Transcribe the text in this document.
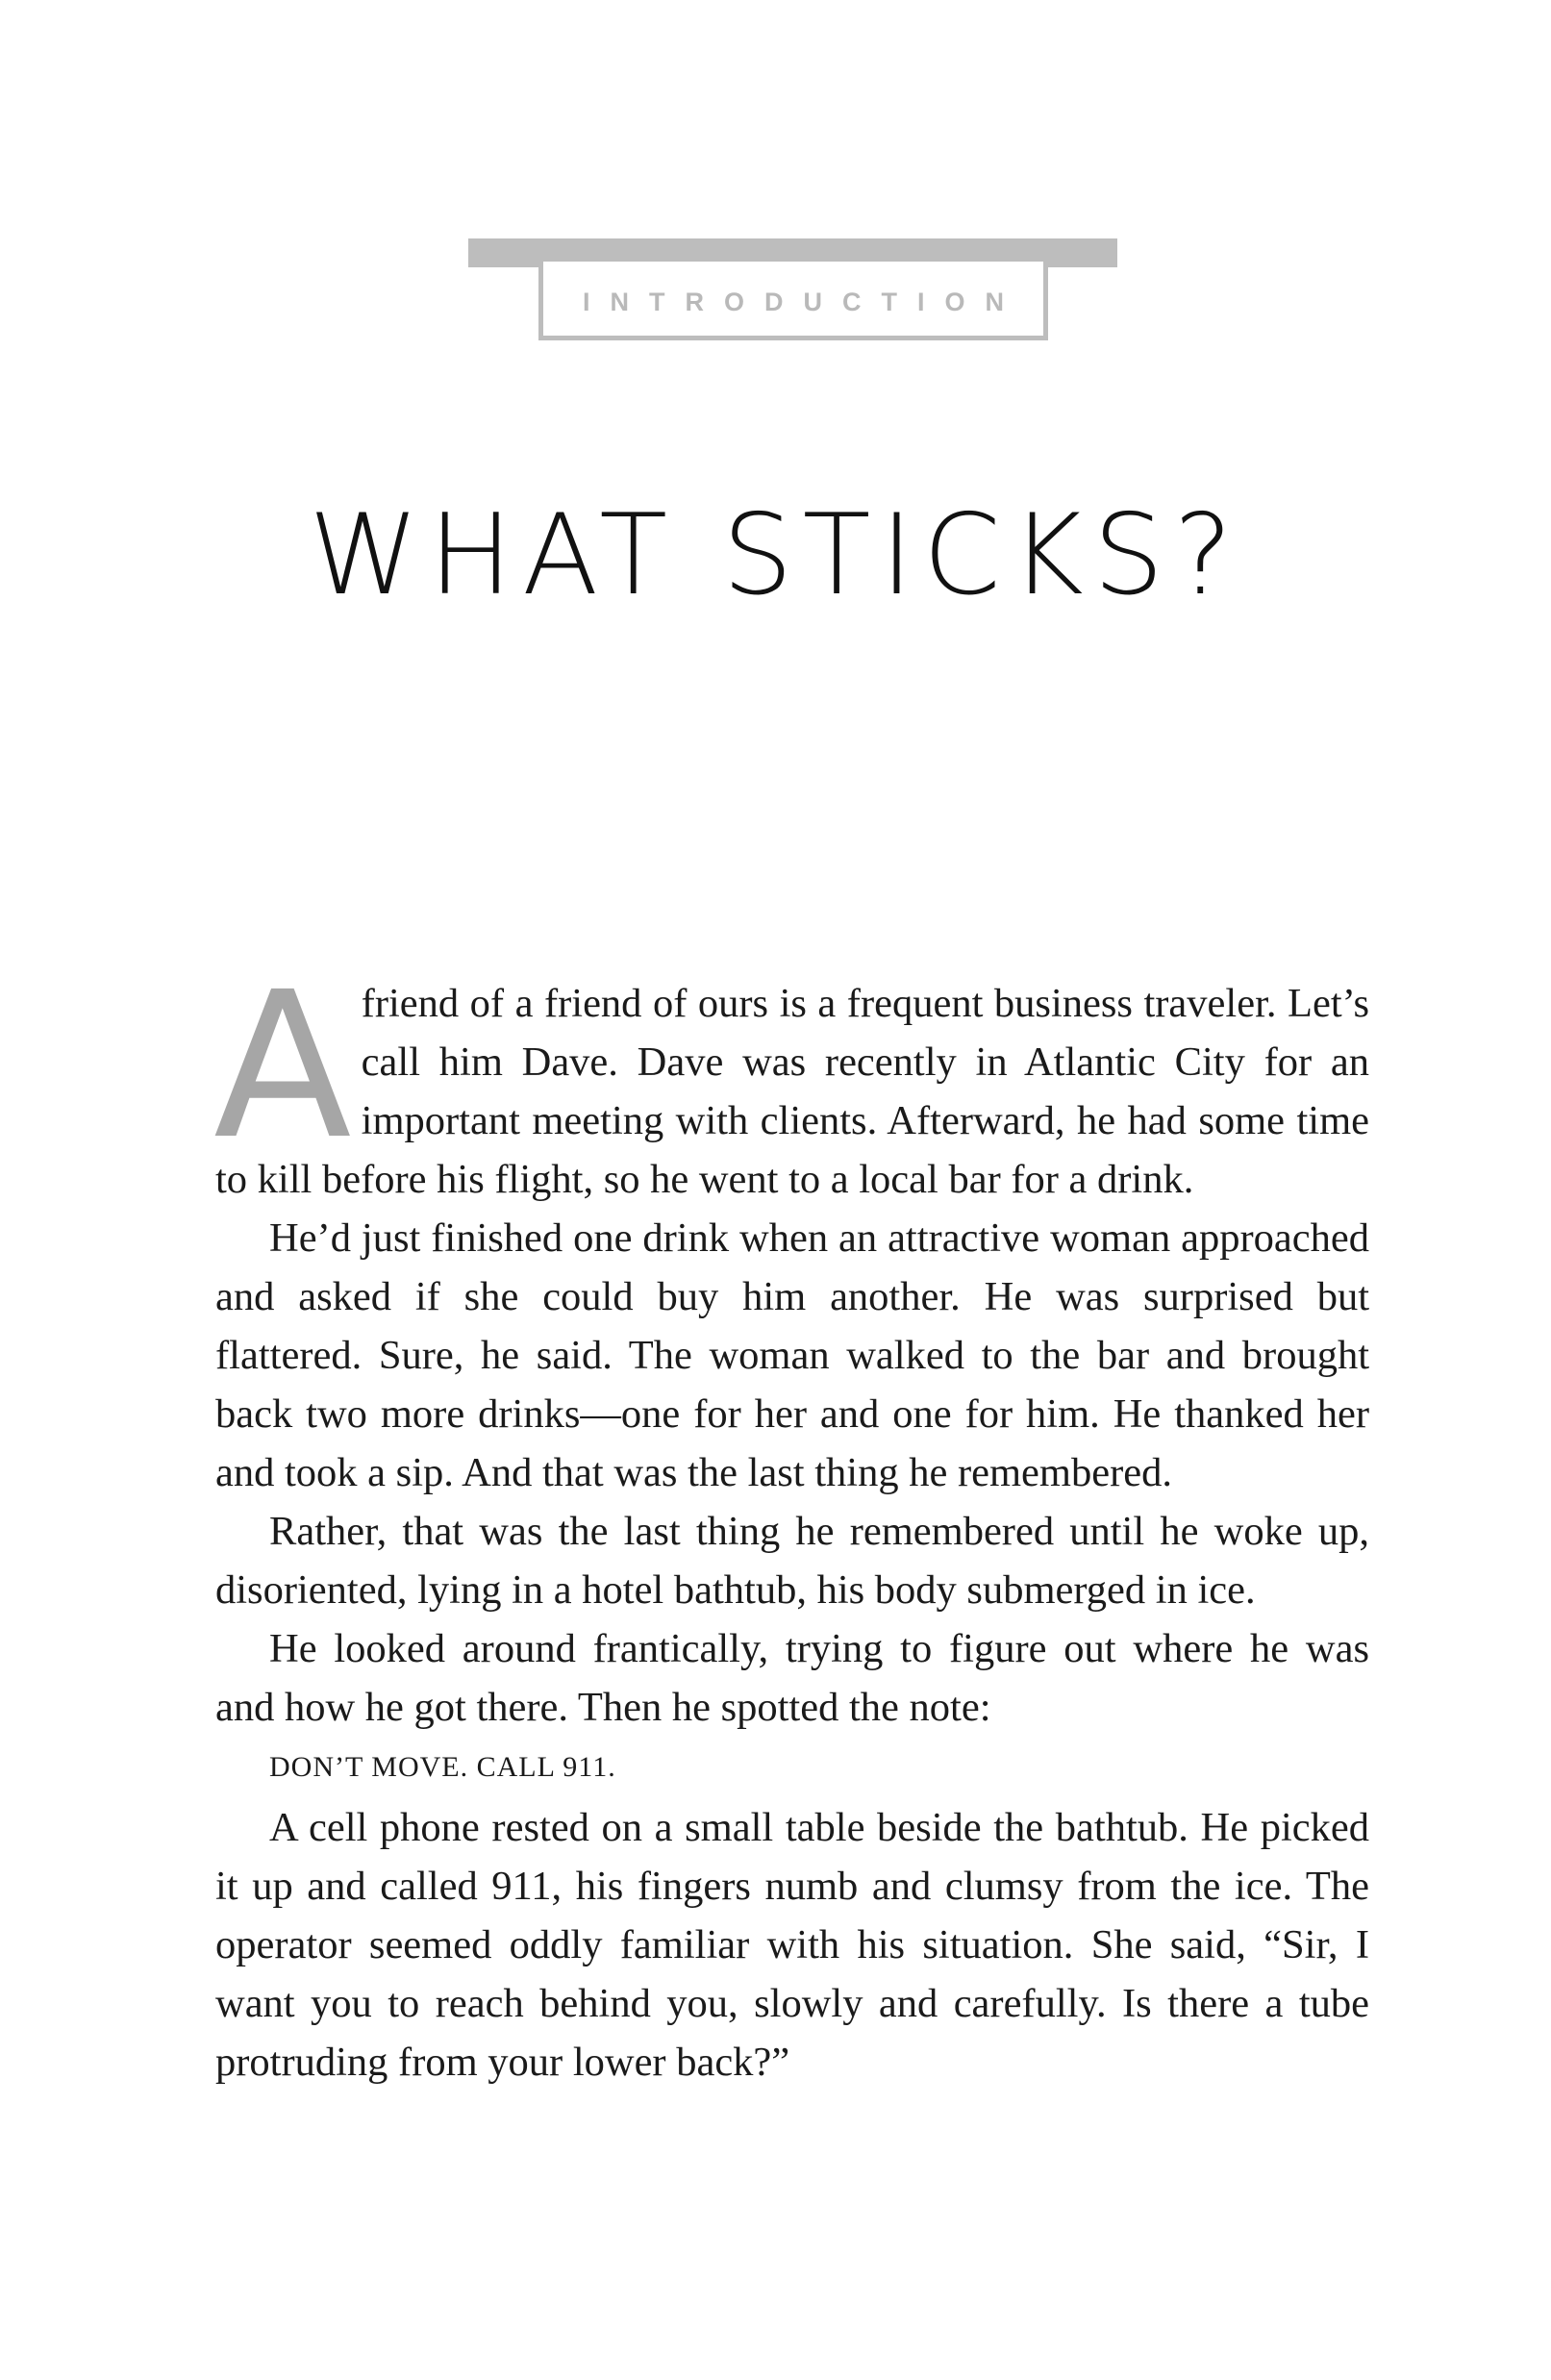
INTRODUCTION
WHAT STICKS?

Afriend of a friend of ours is a frequent business traveler. Let’s call him Dave. Dave was recently in Atlantic City for an important meeting with clients. Afterward, he had some time to kill before his flight, so he went to a local bar for a drink.

He’d just finished one drink when an attractive woman approached and asked if she could buy him another. He was surprised but flattered. Sure, he said. The woman walked to the bar and brought back two more drinks—one for her and one for him. He thanked her and took a sip. And that was the last thing he remembered.

Rather, that was the last thing he remembered until he woke up, disoriented, lying in a hotel bathtub, his body submerged in ice.

He looked around frantically, trying to figure out where he was and how he got there. Then he spotted the note:

DON’T MOVE. CALL 911.

A cell phone rested on a small table beside the bathtub. He picked it up and called 911, his fingers numb and clumsy from the ice. The operator seemed oddly familiar with his situation. She said, “Sir, I want you to reach behind you, slowly and carefully. Is there a tube protruding from your lower back?”
